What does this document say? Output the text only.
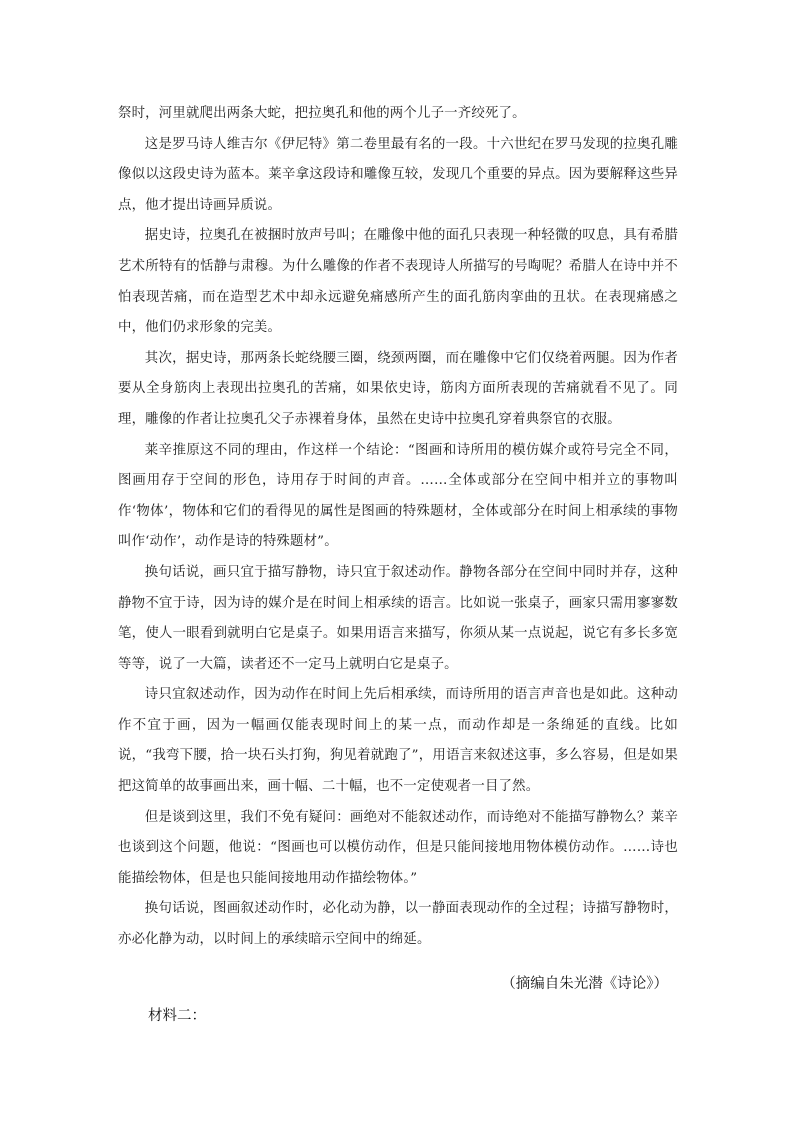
祭时，河里就爬出两条大蛇，把拉奥孔和他的两个儿子一齐绞死了。

这是罗马诗人维吉尔《伊尼特》第二卷里最有名的一段。十六世纪在罗马发现的拉奥孔雕像似以这段史诗为蓝本。莱辛拿这段诗和雕像互较，发现几个重要的异点。因为要解释这些异点，他才提出诗画异质说。

据史诗，拉奥孔在被捆时放声号叫；在雕像中他的面孔只表现一种轻微的叹息，具有希腊艺术所特有的恬静与肃穆。为什么雕像的作者不表现诗人所描写的号啕呢？希腊人在诗中并不怕表现苦痛，而在造型艺术中却永远避免痛感所产生的面孔筋肉挛曲的丑状。在表现痛感之中，他们仍求形象的完美。

其次，据史诗，那两条长蛇绕腰三圈，绕颈两圈，而在雕像中它们仅绕着两腿。因为作者要从全身筋肉上表现出拉奥孔的苦痛，如果依史诗，筋肉方面所表现的苦痛就看不见了。同理，雕像的作者让拉奥孔父子赤裸着身体，虽然在史诗中拉奥孔穿着典祭官的衣服。

莱辛推原这不同的理由，作这样一个结论：“图画和诗所用的模仿媒介或符号完全不同，图画用存于空间的形色，诗用存于时间的声音。……全体或部分在空间中相并立的事物叫作‘物体’，物体和它们的看得见的属性是图画的特殊题材，全体或部分在时间上相承续的事物叫作‘动作’，动作是诗的特殊题材”。

换句话说，画只宜于描写静物，诗只宜于叙述动作。静物各部分在空间中同时并存，这种静物不宜于诗，因为诗的媒介是在时间上相承续的语言。比如说一张桌子，画家只需用寥寥数笔，使人一眼看到就明白它是桌子。如果用语言来描写，你须从某一点说起，说它有多长多宽等等，说了一大篇，读者还不一定马上就明白它是桌子。

诗只宜叙述动作，因为动作在时间上先后相承续，而诗所用的语言声音也是如此。这种动作不宜于画，因为一幅画仅能表现时间上的某一点，而动作却是一条绵延的直线。比如说，“我弯下腰，拾一块石头打狗，狗见着就跑了”，用语言来叙述这事，多么容易，但是如果把这简单的故事画出来，画十幅、二十幅，也不一定使观者一目了然。

但是谈到这里，我们不免有疑问：画绝对不能叙述动作，而诗绝对不能描写静物么？莱辛也谈到这个问题，他说：“图画也可以模仿动作，但是只能间接地用物体模仿动作。……诗也能描绘物体，但是也只能间接地用动作描绘物体。”

换句话说，图画叙述动作时，必化动为静，以一静面表现动作的全过程；诗描写静物时，亦必化静为动，以时间上的承续暗示空间中的绵延。

（摘编自朱光潜《诗论》）
材料二：
